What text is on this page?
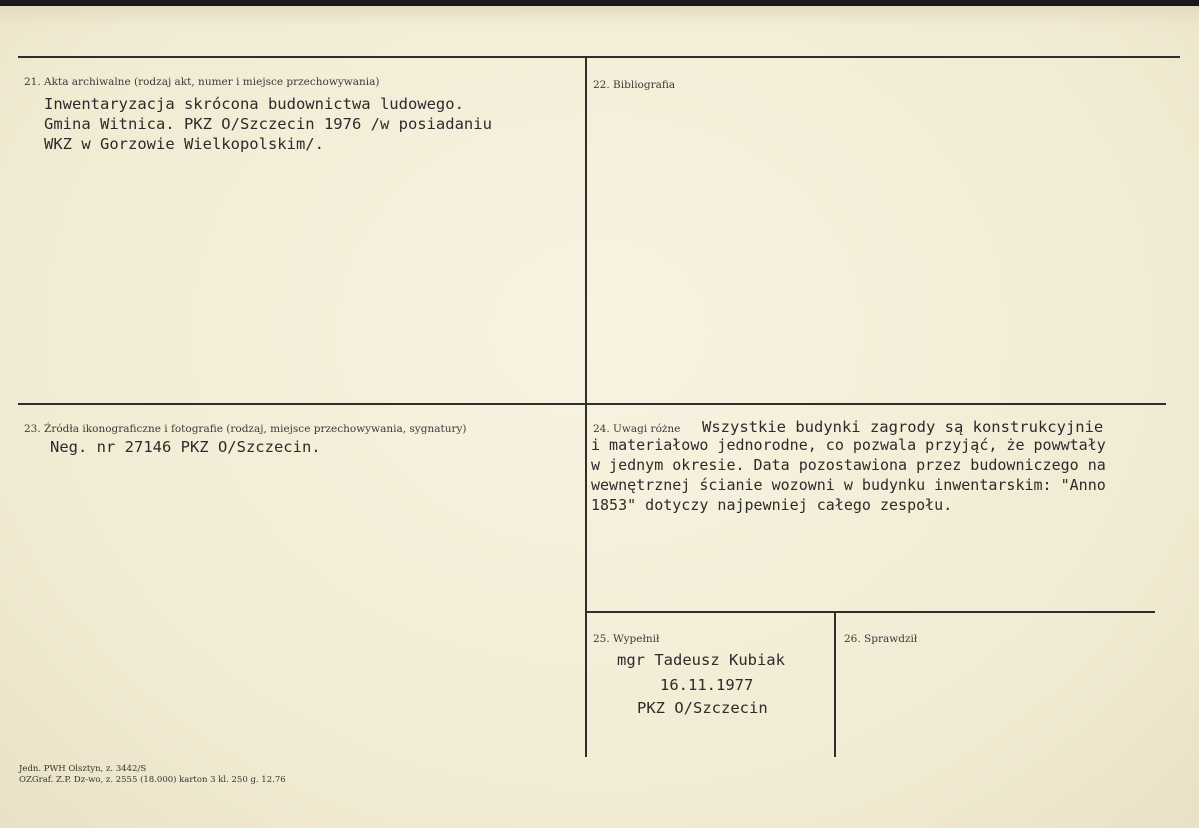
21. Akta archiwalne (rodzaj akt, numer i miejsce przechowywania)
Inwentaryzacja skrócona budownictwa ludowego.
Gmina Witnica. PKZ O/Szczecin 1976 /w posiadaniu
WKZ w Gorzowie Wielkopolskim/.
22. Bibliografia
23. Źródła ikonograficzne i fotografie (rodzaj, miejsce przechowywania, sygnatury)
Neg. nr 27146 PKZ O/Szczecin.
24. Uwagi różne Wszystkie budynki zagrody są konstrukcyjnie
i materiałowo jednorodne, co pozwala przyjąć, że powwtały
w jednym okresie. Data pozostawiona przez budowniczego na
wewnętrznej ścianie wozowni w budynku inwentarskim: "Anno
1853" dotyczy najpewniej całego zespołu.
25. Wypełnił
mgr Tadeusz Kubiak
16.11.1977
PKZ O/Szczecin
26. Sprawdził
Jedn. PWH Olsztyn, z. 3442/S
OZGraf. Z.P. Dz-wo, z. 2555 (18.000) karton 3 kl. 250 g. 12.76
